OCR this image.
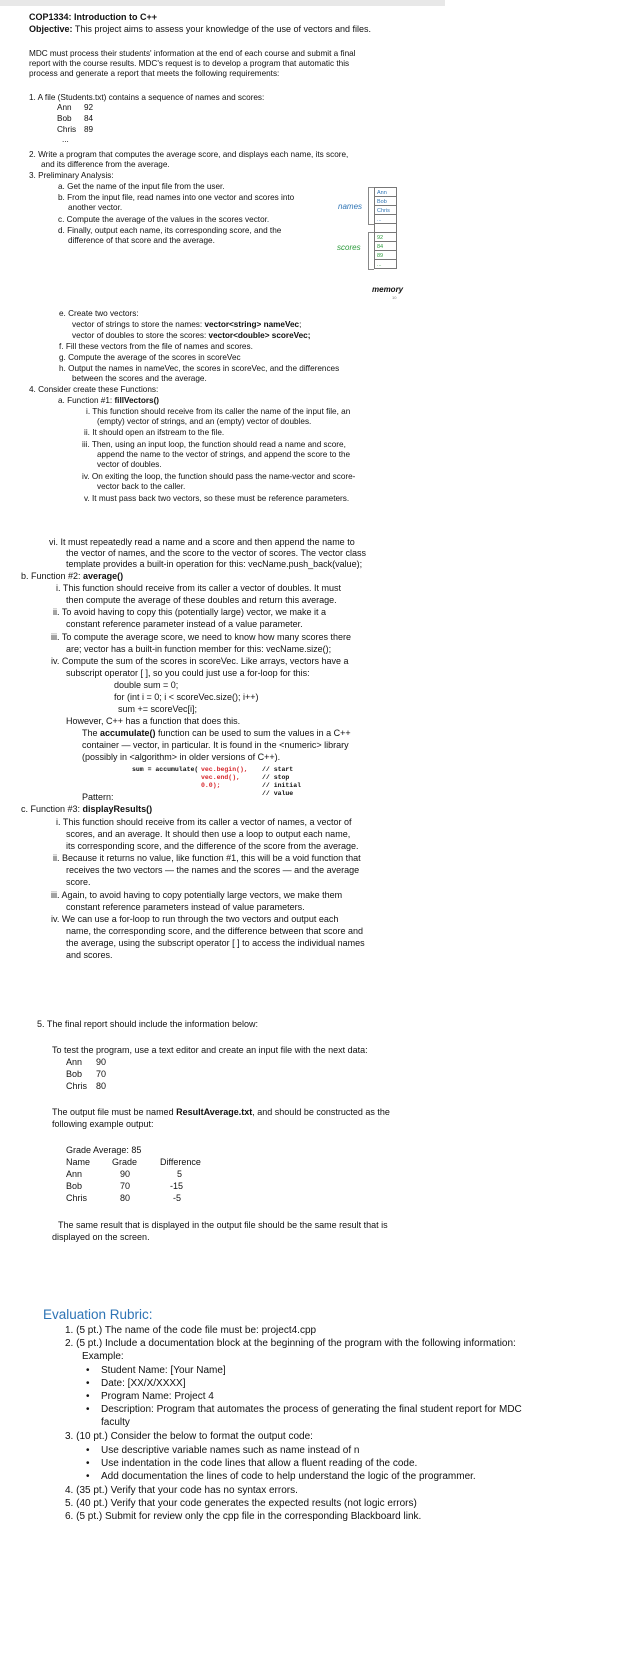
COP1334: Introduction to C++
Objective: This project aims to assess your knowledge of the use of vectors and files.
MDC must process their students' information at the end of each course and submit a final
report with the course results. MDC's request is to develop a program that automatic this
process and generate a report that meets the following requirements:
1. A file (Students.txt) contains a sequence of names and scores:
Ann 92
Bob 84
Chris 89
...
2. Write a program that computes the average score, and displays each name, its score,
and its difference from the average.
3. Preliminary Analysis:
a. Get the name of the input file from the user.
b. From the input file, read names into one vector and scores into
another vector.
c. Compute the average of the values in the scores vector.
d. Finally, output each name, its corresponding score, and the
difference of that score and the average.
names
Ann
Bob
Chris
...
scores
92
84
89
...
memory
10
e. Create two vectors:
vector of strings to store the names: vector<string> nameVec;
vector of doubles to store the scores: vector<double> scoreVec;
f. Fill these vectors from the file of names and scores.
g. Compute the average of the scores in scoreVec
h. Output the names in nameVec, the scores in scoreVec, and the differences
between the scores and the average.
4. Consider create these Functions:
a. Function #1: fillVectors()
i. This function should receive from its caller the name of the input file, an
(empty) vector of strings, and an (empty) vector of doubles.
ii. It should open an ifstream to the file.
iii. Then, using an input loop, the function should read a name and score,
append the name to the vector of strings, and append the score to the
vector of doubles.
iv. On exiting the loop, the function should pass the name-vector and score-
vector back to the caller.
v. It must pass back two vectors, so these must be reference parameters.
vi. It must repeatedly read a name and a score and then append the name to
the vector of names, and the score to the vector of scores. The vector class
template provides a built-in operation for this: vecName.push_back(value);
b. Function #2: average()
i. This function should receive from its caller a vector of doubles. It must
then compute the average of these doubles and return this average.
ii. To avoid having to copy this (potentially large) vector, we make it a
constant reference parameter instead of a value parameter.
iii. To compute the average score, we need to know how many scores there
are; vector has a built-in function member for this: vecName.size();
iv. Compute the sum of the scores in scoreVec. Like arrays, vectors have a
subscript operator [ ], so you could just use a for-loop for this:
double sum = 0;
for (int i = 0; i < scoreVec.size(); i++)
sum += scoreVec[i];
However, C++ has a function that does this.
The accumulate() function can be used to sum the values in a C++
container — vector, in particular. It is found in the <numeric> library
(possibly in <algorithm> in older versions of C++).
sum = accumulate( vec.begin(),
vec.end(),
0.0);
// start
// stop
// initial
// value
Pattern:
c. Function #3: displayResults()
i. This function should receive from its caller a vector of names, a vector of
scores, and an average. It should then use a loop to output each name,
its corresponding score, and the difference of the score from the average.
ii. Because it returns no value, like function #1, this will be a void function that
receives the two vectors — the names and the scores — and the average
score.
iii. Again, to avoid having to copy potentially large vectors, we make them
constant reference parameters instead of value parameters.
iv. We can use a for-loop to run through the two vectors and output each
name, the corresponding score, and the difference between that score and
the average, using the subscript operator [ ] to access the individual names
and scores.
5. The final report should include the information below:
To test the program, use a text editor and create an input file with the next data:
Ann 90
Bob 70
Chris 80
The output file must be named ResultAverage.txt, and should be constructed as the
following example output:
Grade Average: 85
Name Grade	Difference
Ann	90	5
Bob	70	-15
Chris	80	-5
The same result that is displayed in the output file should be the same result that is
displayed on the screen.
Evaluation Rubric:
1. (5 pt.) The name of the code file must be: project4.cpp
2. (5 pt.) Include a documentation block at the beginning of the program with the following information:
Example:
• Student Name: [Your Name]
• Date: [XX/X/XXXX]
• Program Name: Project 4
• Description: Program that automates the process of generating the final student report for MDC
faculty
3. (10 pt.) Consider the below to format the output code:
• Use descriptive variable names such as name instead of n
• Use indentation in the code lines that allow a fluent reading of the code.
• Add documentation the lines of code to help understand the logic of the programmer.
4. (35 pt.) Verify that your code has no syntax errors.
5. (40 pt.) Verify that your code generates the expected results (not logic errors)
6. (5 pt.) Submit for review only the cpp file in the corresponding Blackboard link.
